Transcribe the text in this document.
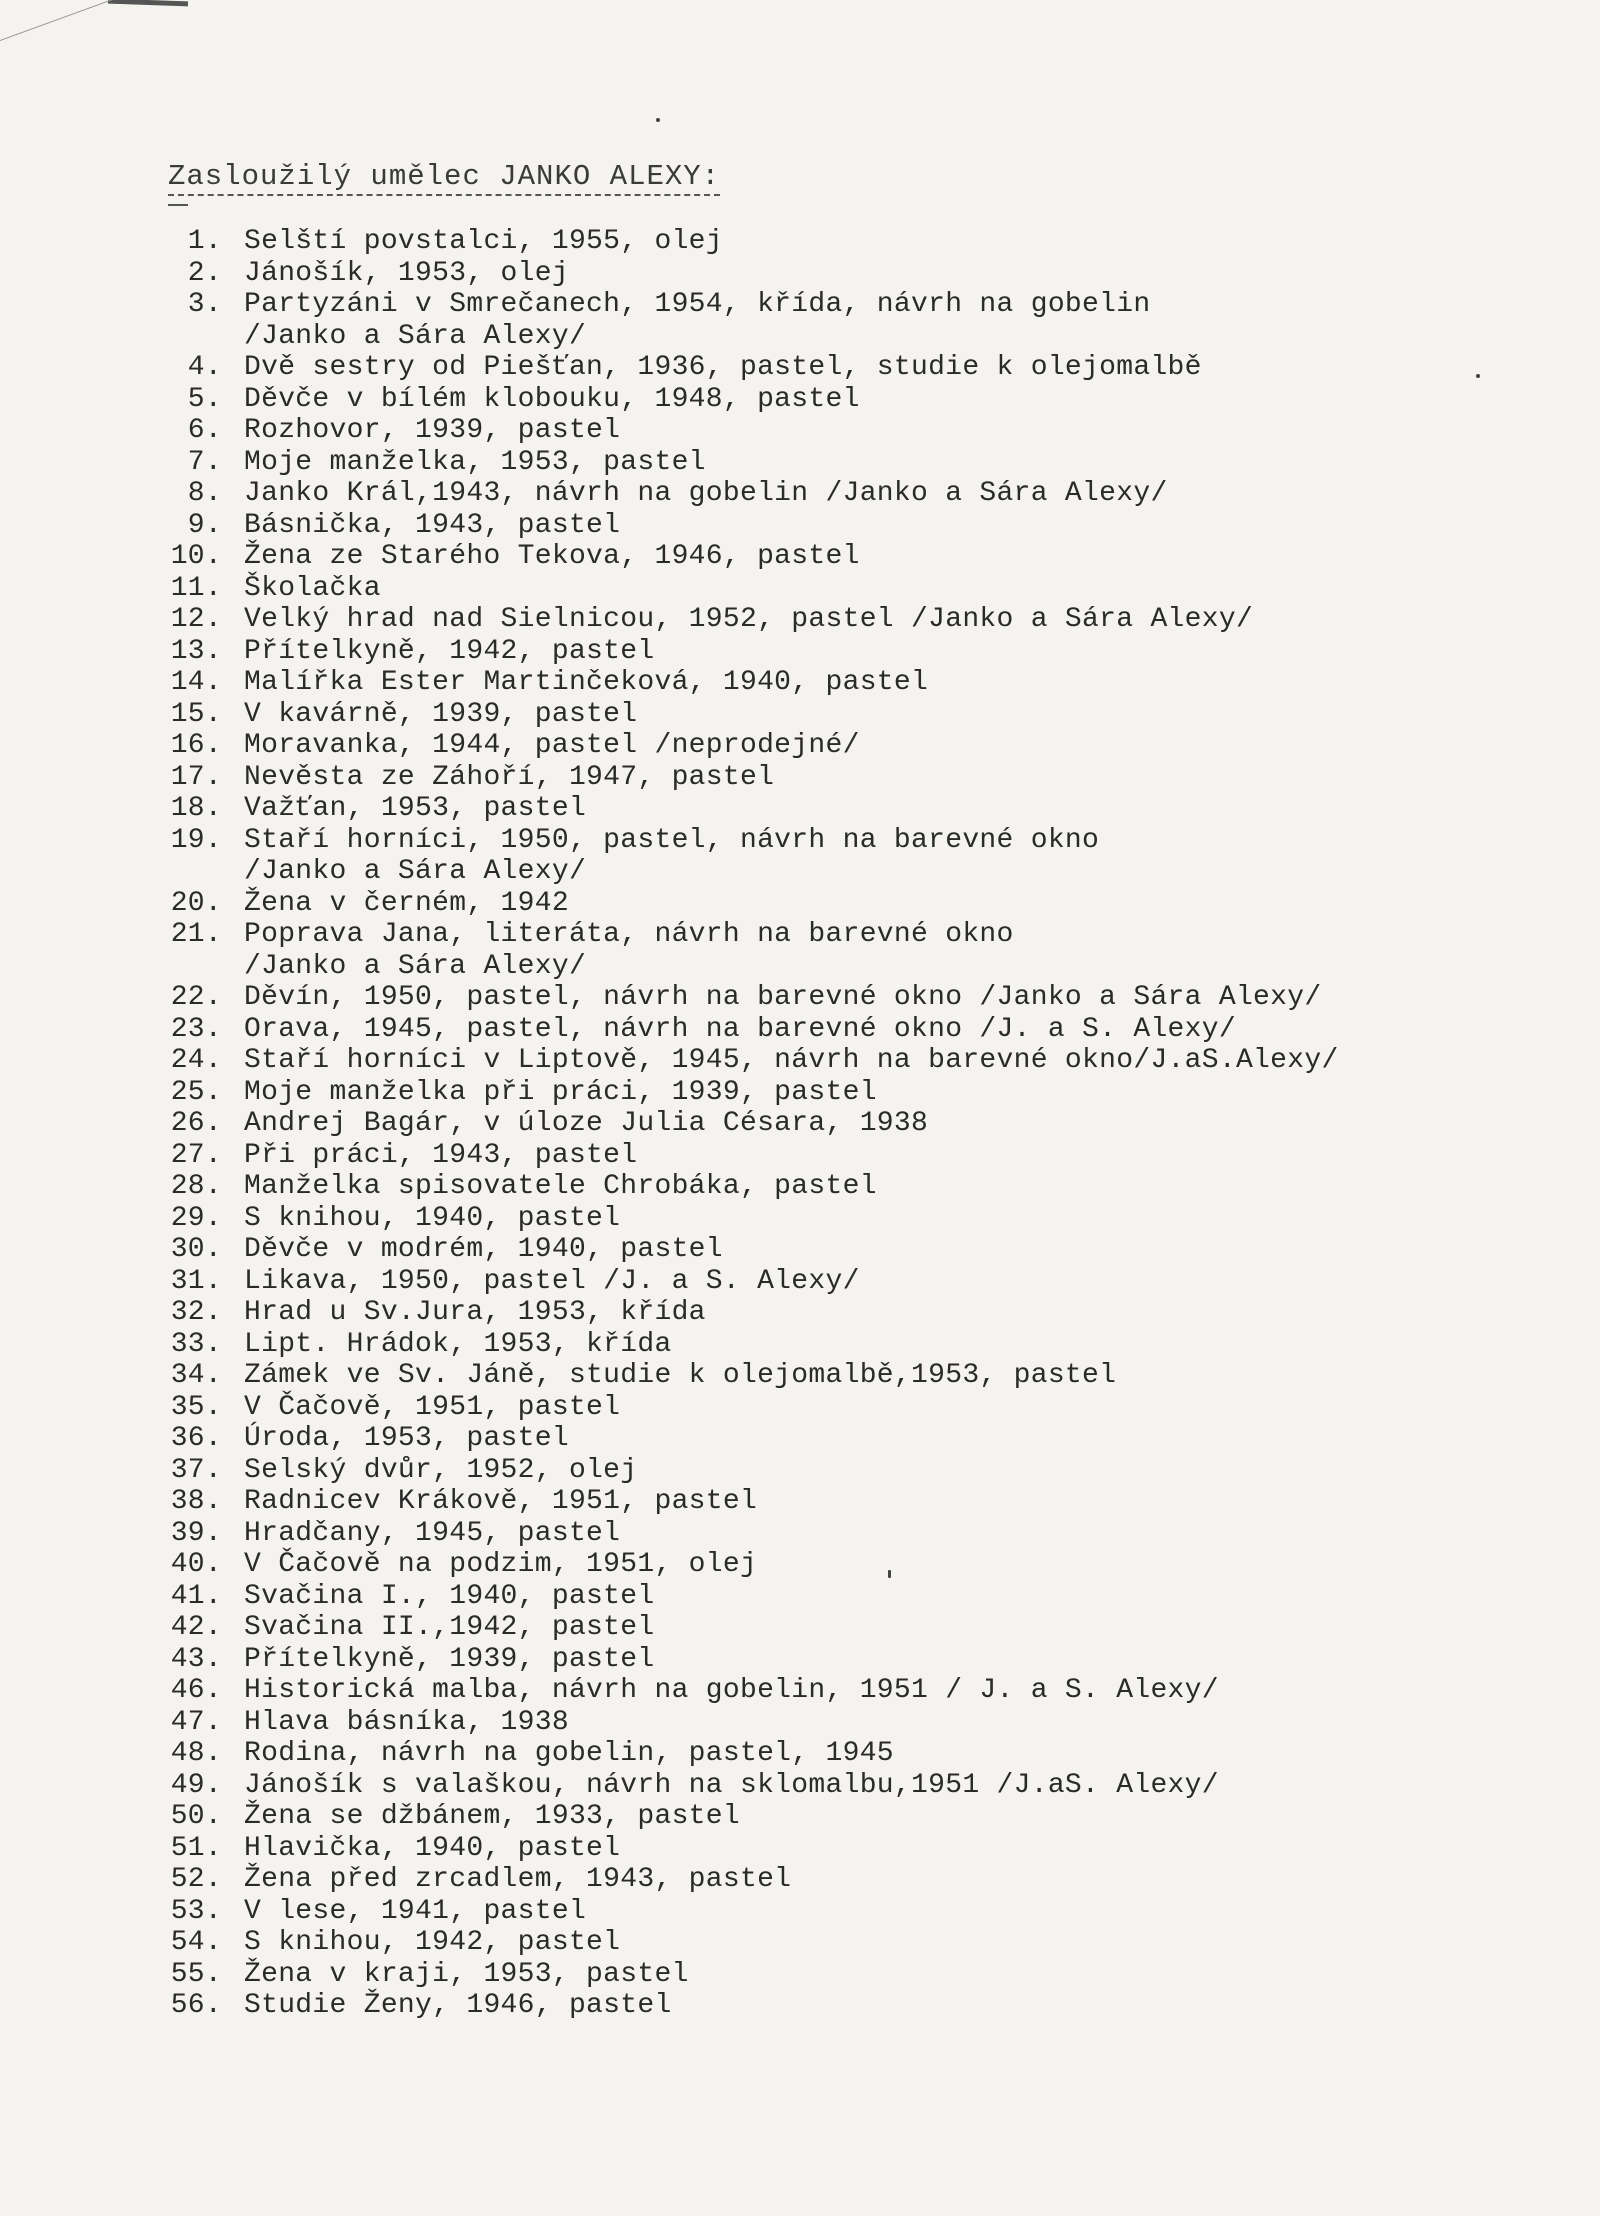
Zasloužilý umělec JANKO ALEXY:
1. Selští povstalci, 1955, olej
2. Jánošík, 1953, olej
3. Partyzáni v Smrečanech, 1954, křída, návrh na gobelin
/Janko a Sára Alexy/
4. Dvě sestry od Piešťan, 1936, pastel, studie k olejomalbě
5. Děvče v bílém klobouku, 1948, pastel
6. Rozhovor, 1939, pastel
7. Moje manželka, 1953, pastel
8. Janko Král,1943, návrh na gobelin /Janko a Sára Alexy/
9. Básnička, 1943, pastel
10. Žena ze Starého Tekova, 1946, pastel
11. Školačka
12. Velký hrad nad Sielnicou, 1952, pastel /Janko a Sára Alexy/
13. Přítelkyně, 1942, pastel
14. Malířka Ester Martinčeková, 1940, pastel
15. V kavárně, 1939, pastel
16. Moravanka, 1944, pastel /neprodejné/
17. Nevěsta ze Záhoří, 1947, pastel
18. Važťan, 1953, pastel
19. Staří horníci, 1950, pastel, návrh na barevné okno
/Janko a Sára Alexy/
20. Žena v černém, 1942
21. Poprava Jana, literáta, návrh na barevné okno
/Janko a Sára Alexy/
22. Děvín, 1950, pastel, návrh na barevné okno /Janko a Sára Alexy/
23. Orava, 1945, pastel, návrh na barevné okno /J. a S. Alexy/
24. Staří horníci v Liptově, 1945, návrh na barevné okno/J.aS.Alexy/
25. Moje manželka při práci, 1939, pastel
26. Andrej Bagár, v úloze Julia Césara, 1938
27. Při práci, 1943, pastel
28. Manželka spisovatele Chrobáka, pastel
29. S knihou, 1940, pastel
30. Děvče v modrém, 1940, pastel
31. Likava, 1950, pastel /J. a S. Alexy/
32. Hrad u Sv.Jura, 1953, křída
33. Lipt. Hrádok, 1953, křída
34. Zámek ve Sv. Jáně, studie k olejomalbě,1953, pastel
35. V Čačově, 1951, pastel
36. Úroda, 1953, pastel
37. Selský dvůr, 1952, olej
38. Radnicev Krákově, 1951, pastel
39. Hradčany, 1945, pastel
40. V Čačově na podzim, 1951, olej
41. Svačina I., 1940, pastel
42. Svačina II.,1942, pastel
43. Přítelkyně, 1939, pastel
46. Historická malba, návrh na gobelin, 1951 / J. a S. Alexy/
47. Hlava básníka, 1938
48. Rodina, návrh na gobelin, pastel, 1945
49. Jánošík s valaškou, návrh na sklomalbu,1951 /J.aS. Alexy/
50. Žena se džbánem, 1933, pastel
51. Hlavička, 1940, pastel
52. Žena před zrcadlem, 1943, pastel
53. V lese, 1941, pastel
54. S knihou, 1942, pastel
55. Žena v kraji, 1953, pastel
56. Studie Ženy, 1946, pastel
